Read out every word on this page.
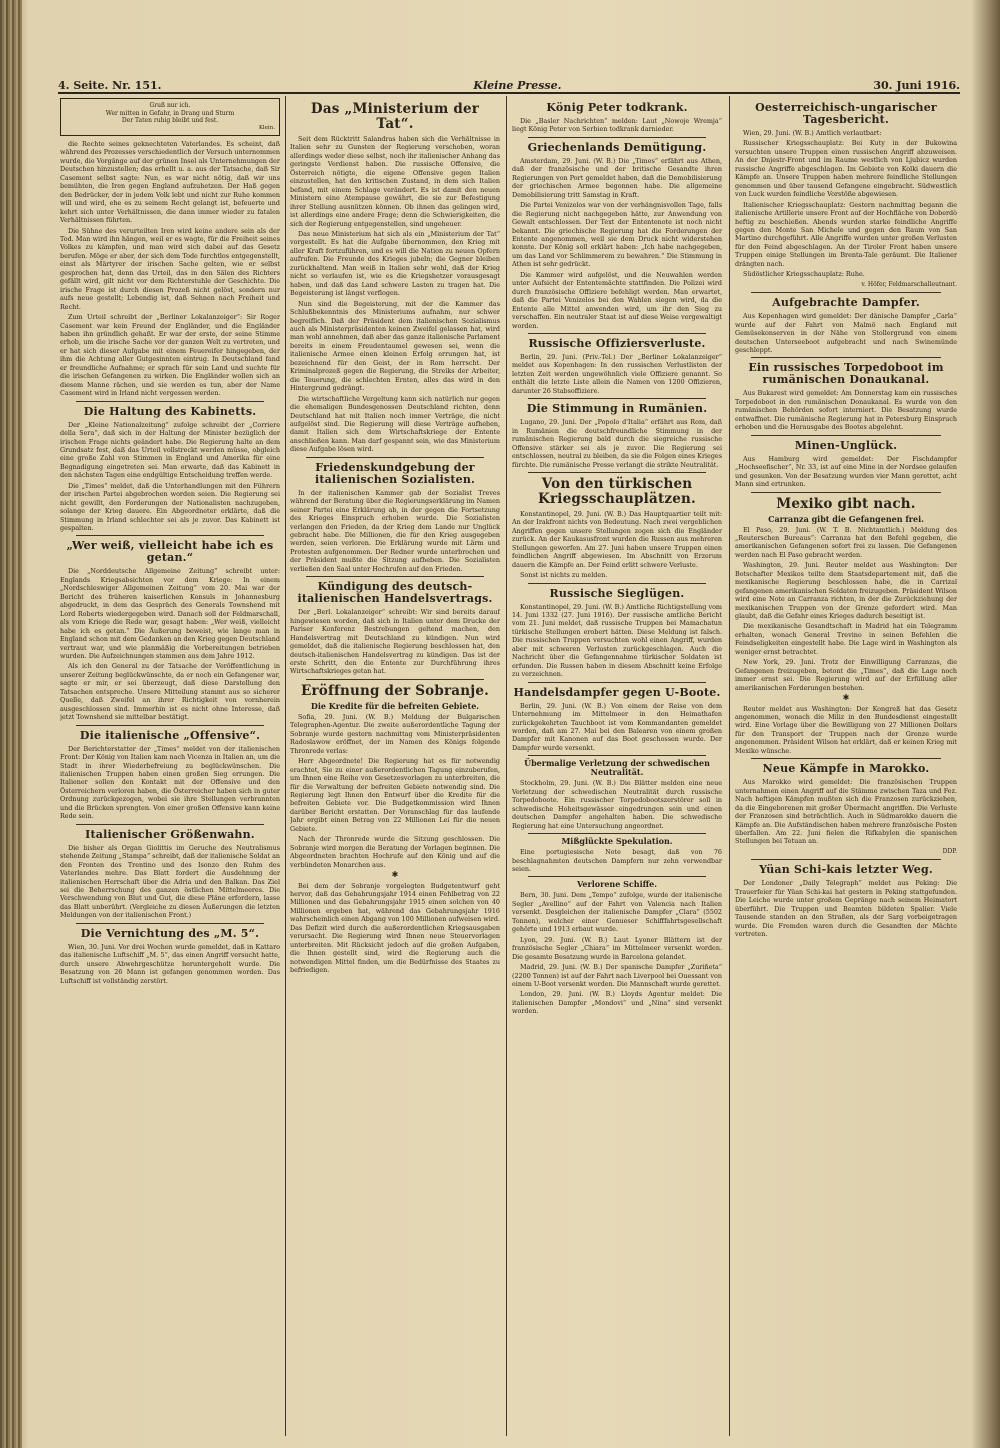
4. Seite. Nr. 151.	Kleine Presse.	30. Juni 1916.
Gruß nur ich.
Wer mitten in Gefahr, in Drang und Sturm
Der Taten ruhig bleibt und fest.
Klein.

die Rechte seines geknechteten Vaterlandes. Es scheint, daß während des Prozesses verschiedentlich der Versuch unternommen wurde, die Vorgänge auf der grünen Insel als Unternehmungen der Deutschen hinzustellen; das erhellt u. a. aus der Tatsache, daß Sir Casement selbst sagte: Nun, es war nicht nötig, daß wir uns bemühten, die Iren gegen England aufzuhetzen. Der Haß gegen den Bedrücker, der in jedem Volk lebt und nicht zur Ruhe kommen will und wird, ehe es zu seinem Recht gelangt ist, befeuerte und kehrt sich unter Verhältnissen, die dann immer wieder zu fatalen Verhältnissen führten.

Die Sühne des verurteilten Iren wird keine andere sein als der Tod. Man wird ihn hängen, weil er es wagte, für die Freiheit seines Volkes zu kämpfen, und man wird sich dabei auf das Gesetz berufen. Möge er aber, der sich dem Tode furchtlos entgegenstellt, einst als Märtyrer der irischen Sache gelten, wie er selbst gesprochen hat, denn das Urteil, das in den Sälen des Richters gefällt wird, gilt nicht vor dem Richterstuhle der Geschichte. Die irische Frage ist durch diesen Prozeß nicht gelöst, sondern nur aufs neue gestellt; Lebendig ist, daß Sehnen nach Freiheit und Recht.

Zum Urteil schreibt der „Berliner Lokalanzeiger“: Sir Roger Casement war kein Freund der Engländer, und die Engländer haben ihn gründlich gehaßt. Er war der erste, der seine Stimme erhob, um die irische Sache vor der ganzen Welt zu vertreten, und er hat sich dieser Aufgabe mit einem Feuereifer hingegeben, der ihm die Achtung aller Gutgesinnten eintrug. In Deutschland fand er freundliche Aufnahme; er sprach für sein Land und suchte für die irischen Gefangenen zu wirken. Die Engländer wollen sich an diesem Manne rächen, und sie werden es tun, aber der Name Casement wird in Irland nicht vergessen werden.

Die Haltung des Kabinetts.

Der „Kleine Nationalzeitung“ zufolge schreibt der „Corriere della Sera“, daß sich in der Haltung der Minister bezüglich der irischen Frage nichts geändert habe. Die Regierung halte an dem Grundsatz fest, daß das Urteil vollstreckt werden müsse, obgleich eine große Zahl von Stimmen in England und Amerika für eine Begnadigung eingetreten sei. Man erwarte, daß das Kabinett in den nächsten Tagen eine endgültige Entscheidung treffen werde.

Die „Times“ meldet, daß die Unterhandlungen mit den Führern der irischen Partei abgebrochen worden seien. Die Regierung sei nicht gewillt, den Forderungen der Nationalisten nachzugeben, solange der Krieg dauere. Ein Abgeordneter erklärte, daß die Stimmung in Irland schlechter sei als je zuvor. Das Kabinett ist gespalten.

„Wer weiß, vielleicht habe ich es getan.“

Die „Norddeutsche Allgemeine Zeitung“ schreibt unter: Englands Kriegsabsichten vor dem Kriege: In einem „Nordschleswiger Allgemeinen Zeitung“ vom 20. Mai war der Bericht des früheren kaiserlichen Konsuls in Johannesburg abgedruckt, in dem das Gespräch des Generals Townshend mit Lord Roberts wiedergegeben wird. Danach soll der Feldmarschall, als vom Kriege die Rede war, gesagt haben: „Wer weiß, vielleicht habe ich es getan.“ Die Äußerung beweist, wie lange man in England schon mit dem Gedanken an den Krieg gegen Deutschland vertraut war, und wie planmäßig die Vorbereitungen betrieben wurden. Die Aufzeichnungen stammen aus dem Jahre 1912.

Als ich den General zu der Tatsache der Veröffentlichung in unserer Zeitung beglückwünschte, da er noch ein Gefangener war, sagte er mir, er sei überzeugt, daß diese Darstellung den Tatsachen entspreche. Unsere Mitteilung stammt aus so sicherer Quelle, daß Zweifel an ihrer Richtigkeit von vornherein ausgeschlossen sind. Immerhin ist es nicht ohne Interesse, daß jetzt Townshend sie mittelbar bestätigt.

Die italienische „Offensive“.

Der Berichterstatter der „Times“ meldet von der italienischen Front: Der König von Italien kam nach Vicenza in Italien an, um die Stadt in ihrer Wiederbefreiung zu beglückwünschen. Die italienischen Truppen haben einen großen Sieg errungen. Die Italiener sollen den Kontakt mit der Offensive und den Österreichern verloren haben, die Österreicher haben sich in guter Ordnung zurückgezogen, wobei sie ihre Stellungen verbrannten und die Brücken sprengten. Von einer großen Offensive kann keine Rede sein.

Italienischer Größenwahn.

Die bisher als Organ Giolittis im Geruche des Neutralismus stehende Zeitung „Stampa“ schreibt, daß der italienische Soldat an den Fronten des Trentino und des Isonzo den Ruhm des Vaterlandes mehre. Das Blatt fordert die Ausdehnung der italienischen Herrschaft über die Adria und den Balkan. Das Ziel sei die Beherrschung des ganzen östlichen Mittelmeeres. Die Verschwendung von Blut und Gut, die diese Pläne erfordern, lasse das Blatt unberührt. (Vergleiche zu diesen Äußerungen die letzten Meldungen von der italienischen Front.)

Die Vernichtung des „M. 5“.

Wien, 30. Juni. Vor drei Wochen wurde gemeldet, daß in Kattaro das italienische Luftschiff „M. 5“, das einen Angriff versucht hatte, durch unsere Abwehrgeschütze heruntergeholt wurde. Die Besatzung von 26 Mann ist gefangen genommen worden. Das Luftschiff ist vollständig zerstört.

Das „Ministerium der Tat“.

Seit dem Rücktritt Salandras haben sich die Verhältnisse in Italien sehr zu Gunsten der Regierung verschoben, woran allerdings weder diese selbst, noch ihr italienischer Anhang das geringste Verdienst haben. Die russische Offensive, die Österreich nötigte, die eigene Offensive gegen Italien einzustellen, hat den kritischen Zustand, in dem sich Italien befand, mit einem Schlage verändert. Es ist damit den neuen Ministern eine Atempause gewährt, die sie zur Befestigung ihrer Stellung ausnützen können. Ob ihnen das gelingen wird, ist allerdings eine andere Frage; denn die Schwierigkeiten, die sich der Regierung entgegenstellen, sind ungeheuer.

Das neue Ministerium hat sich als ein „Ministerium der Tat“ vorgestellt. Es hat die Aufgabe übernommen, den Krieg mit aller Kraft fortzuführen, und es will die Nation zu neuen Opfern aufrufen. Die Freunde des Krieges jubeln; die Gegner bleiben zurückhaltend. Man weiß in Italien sehr wohl, daß der Krieg nicht so verlaufen ist, wie es die Kriegshetzer vorausgesagt haben, und daß das Land schwere Lasten zu tragen hat. Die Begeisterung ist längst verflogen.

Nun sind die Begeisterung, mit der die Kammer das Schlußbekenntnis des Ministeriums aufnahm, nur schwer begreiflich. Daß der Präsident dem italienischen Sozialismus auch als Ministerpräsidenten keinen Zweifel gelassen hat, wird man wohl annehmen, daß aber das ganze italienische Parlament bereits in einem Freudentaumel gewesen sei, wenn die italienische Armee einen kleinen Erfolg errungen hat, ist bezeichnend für den Geist, der in Rom herrscht. Der Kriminalprozeß gegen die Regierung, die Streiks der Arbeiter, die Teuerung, die schlechten Ernten, alles das wird in den Hintergrund gedrängt.

Die wirtschaftliche Vergeltung kann sich natürlich nur gegen die ehemaligen Bundesgenossen Deutschland richten, denn Deutschland hat mit Italien noch immer Verträge, die nicht aufgelöst sind. Die Regierung will diese Verträge aufheben, damit Italien sich dem Wirtschaftskriege der Entente anschließen kann. Man darf gespannt sein, wie das Ministerium diese Aufgabe lösen wird.

Friedenskundgebung der italienischen Sozialisten.

In der italienischen Kammer gab der Sozialist Treves während der Beratung über die Regierungserklärung im Namen seiner Partei eine Erklärung ab, in der gegen die Fortsetzung des Krieges Einspruch erhoben wurde. Die Sozialisten verlangen den Frieden, da der Krieg dem Lande nur Unglück gebracht habe. Die Millionen, die für den Krieg ausgegeben werden, seien verloren. Die Erklärung wurde mit Lärm und Protesten aufgenommen. Der Redner wurde unterbrochen und der Präsident mußte die Sitzung aufheben. Die Sozialisten verließen den Saal unter Hochrufen auf den Frieden.

Kündigung des deutsch-italienischen Handelsvertrags.

Der „Berl. Lokalanzeiger“ schreibt: Wir sind bereits darauf hingewiesen worden, daß sich in Italien unter dem Drucke der Pariser Konferenz Bestrebungen geltend machen, den Handelsvertrag mit Deutschland zu kündigen. Nun wird gemeldet, daß die italienische Regierung beschlossen hat, den deutsch-italienischen Handelsvertrag zu kündigen. Das ist der erste Schritt, den die Entente zur Durchführung ihres Wirtschaftskrieges getan hat.

Eröffnung der Sobranje.
Die Kredite für die befreiten Gebiete.

Sofia, 29. Juni. (W. B.) Meldung der Bulgarischen Telegraphen-Agentur. Die zweite außerordentliche Tagung der Sobranje wurde gestern nachmittag vom Ministerpräsidenten Radoslawow eröffnet, der im Namen des Königs folgende Thronrede verlas:

Herr Abgeordnete! Die Regierung hat es für notwendig erachtet, Sie zu einer außerordentlichen Tagung einzuberufen, um Ihnen eine Reihe von Gesetzesvorlagen zu unterbreiten, die für die Verwaltung der befreiten Gebiete notwendig sind. Die Regierung legt Ihnen den Entwurf über die Kredite für die befreiten Gebiete vor. Die Budgetkommission wird Ihnen darüber Bericht erstatten. Der Voranschlag für das laufende Jahr ergibt einen Betrag von 22 Millionen Lei für die neuen Gebiete.

Nach der Thronrede wurde die Sitzung geschlossen. Die Sobranje wird morgen die Beratung der Vorlagen beginnen. Die Abgeordneten brachten Hochrufe auf den König und auf die verbündeten Monarchen aus.

✱

Bei dem der Sobranje vorgelegten Budgetentwurf geht hervor, daß das Gebahrungsjahr 1914 einen Fehlbetrag von 22 Millionen und das Gebahrungsjahr 1915 einen solchen von 40 Millionen ergeben hat, während das Gebahrungsjahr 1916 wahrscheinlich einen Abgang von 100 Millionen aufweisen wird. Das Defizit wird durch die außerordentlichen Kriegsausgaben verursacht. Die Regierung wird Ihnen neue Steuervorlagen unterbreiten. Mit Rücksicht jedoch auf die großen Aufgaben, die Ihnen gestellt sind, wird die Regierung auch die notwendigen Mittel finden, um die Bedürfnisse des Staates zu befriedigen.

König Peter todkrank.

Die „Basler Nachrichten“ melden: Laut „Nowoje Wremja“ liegt König Peter von Serbien todkrank darnieder.

Griechenlands Demütigung.

Amsterdam, 29. Juni. (W. B.) Die „Times“ erfährt aus Athen, daß der französische und der britische Gesandte ihren Regierungen von Port gemeldet haben, daß die Demobilisierung der griechischen Armee begonnen habe. Die allgemeine Demobilisierung tritt Samstag in Kraft.

Die Partei Venizelos war von der verhängnisvollen Tage, falls die Regierung nicht nachgegeben hätte, zur Anwendung von Gewalt entschlossen. Der Text der Ententenote ist noch nicht bekannt. Die griechische Regierung hat die Forderungen der Entente angenommen, weil sie dem Druck nicht widerstehen konnte. Der König soll erklärt haben: „Ich habe nachgegeben, um das Land vor Schlimmerem zu bewahren.“ Die Stimmung in Athen ist sehr gedrückt.

Die Kammer wird aufgelöst, und die Neuwahlen werden unter Aufsicht der Ententemächte stattfinden. Die Polizei wird durch französische Offiziere befehligt werden. Man erwartet, daß die Partei Venizelos bei den Wahlen siegen wird, da die Entente alle Mittel anwenden wird, um ihr den Sieg zu verschaffen. Ein neutraler Staat ist auf diese Weise vergewaltigt worden.

Russische Offiziersverluste.

Berlin, 29. Juni. (Priv.-Tel.) Der „Berliner Lokalanzeiger“ meldet aus Kopenhagen: In den russischen Verlustlisten der letzten Zeit werden ungewöhnlich viele Offiziere genannt. So enthält die letzte Liste allein die Namen von 1200 Offizieren, darunter 26 Stabsoffiziere.

Die Stimmung in Rumänien.

Lugano, 29. Juni. Der „Popolo d'Italia“ erfährt aus Rom, daß in Rumänien die deutschfreundliche Stimmung in der rumänischen Regierung bald durch die siegreiche russische Offensive stärker sei als je zuvor. Die Regierung sei entschlossen, neutral zu bleiben, da sie die Folgen eines Krieges fürchte. Die rumänische Presse verlangt die strikte Neutralität.

Von den türkischen Kriegsschauplätzen.

Konstantinopel, 29. Juni. (W. B.) Das Hauptquartier teilt mit: An der Irakfront nichts von Bedeutung. Nach zwei vergeblichen Angriffen gegen unsere Stellungen zogen sich die Engländer zurück. An der Kaukasusfront wurden die Russen aus mehreren Stellungen geworfen. Am 27. Juni haben unsere Truppen einen feindlichen Angriff abgewiesen. Im Abschnitt von Erzerum dauern die Kämpfe an. Der Feind erlitt schwere Verluste.

Sonst ist nichts zu melden.

Russische Sieglügen.

Konstantinopel, 29. Juni. (W. B.) Amtliche Richtigstellung vom 14. Juni 1332 (27. Juni 1916). Der russische amtliche Bericht vom 21. Juni meldet, daß russische Truppen bei Mamachatun türkische Stellungen erobert hätten. Diese Meldung ist falsch. Die russischen Truppen versuchten wohl einen Angriff, wurden aber mit schweren Verlusten zurückgeschlagen. Auch die Nachricht über die Gefangennahme türkischer Soldaten ist erfunden. Die Russen haben in diesem Abschnitt keine Erfolge zu verzeichnen.

Handelsdampfer gegen U-Boote.

Berlin, 29. Juni. (W. B.) Von einem der Reise von dem Unternehmung im Mittelmeer in den Heimathafen zurückgekehrten Tauchboot ist vom Kommandanten gemeldet worden, daß am 27. Mai bei den Balearen von einem großen Dampfer mit Kanonen auf das Boot geschossen wurde. Der Dampfer wurde versenkt.

Übermalige Verletzung der schwedischen Neutralität.

Stockholm, 29. Juni. (W. B.) Die Blätter melden eine neue Verletzung der schwedischen Neutralität durch russische Torpedoboote. Ein russischer Torpedobootszerstörer soll in schwedische Hoheitsgewässer eingedrungen sein und einen deutschen Dampfer angehalten haben. Die schwedische Regierung hat eine Untersuchung angeordnet.

Mißglückte Spekulation.

Eine portugiesische Note besagt, daß von 76 beschlagnahmten deutschen Dampfern nur zehn verwendbar seien.

Verlorene Schiffe.

Bern, 30. Juni. Dem „Tempo“ zufolge, wurde der italienische Segler „Avellino“ auf der Fahrt von Valencia nach Italien versenkt. Desgleichen der italienische Dampfer „Clara“ (5502 Tonnen), welcher einer Genueser Schifffahrtsgesellschaft gehörte und 1913 erbaut wurde.

Lyon, 29. Juni. (W. B.) Laut Lyoner Blättern ist der französische Segler „Chiara“ im Mittelmeer versenkt worden. Die gesamte Besatzung wurde in Barcelona gelandet.

Madrid, 29. Juni. (W. B.) Der spanische Dampfer „Zuriñeta“ (2200 Tonnen) ist auf der Fahrt nach Liverpool bei Ouessant von einem U-Boot versenkt worden. Die Mannschaft wurde gerettet.

London, 29. Juni. (W. B.) Lloyds Agentur meldet: Die italienischen Dampfer „Mondovi“ und „Nina“ sind versenkt worden.

Oesterreichisch-ungarischer Tagesbericht.

Wien, 29. Juni. (W. B.) Amtlich verlautbart:

Russischer Kriegsschauplatz: Bei Kuty in der Bukowina versuchten unsere Truppen einen russischen Angriff abzuweisen. An der Dnjestr-Front und im Raume westlich von Ljubicz wurden russische Angriffe abgeschlagen. Im Gebiete von Kolki dauern die Kämpfe an. Unsere Truppen haben mehrere feindliche Stellungen genommen und über tausend Gefangene eingebracht. Südwestlich von Luck wurden feindliche Vorstöße abgewiesen.

Italienischer Kriegsschauplatz: Gestern nachmittag begann die italienische Artillerie unsere Front auf der Hochfläche von Doberdò heftig zu beschießen. Abends wurden starke feindliche Angriffe gegen den Monte San Michele und gegen den Raum von San Martino durchgeführt. Alle Angriffe wurden unter großen Verlusten für den Feind abgeschlagen. An der Tiroler Front haben unsere Truppen einige Stellungen im Brenta-Tale geräumt. Die Italiener drängten nach.

Südöstlicher Kriegsschauplatz: Ruhe.

v. Höfer, Feldmarschalleutnant.
Aufgebrachte Dampfer.

Aus Kopenhagen wird gemeldet: Der dänische Dampfer „Carla“ wurde auf der Fahrt von Malmö nach England mit Gemüsekonserven in der Nähe von Stollergrund von einem deutschen Unterseeboot aufgebracht und nach Swinemünde geschleppt.

Ein russisches Torpedoboot im rumänischen Donaukanal.

Aus Bukarest wird gemeldet: Am Donnerstag kam ein russisches Torpedoboot in den rumänischen Donaukanal. Es wurde von den rumänischen Behörden sofort interniert. Die Besatzung wurde entwaffnet. Die rumänische Regierung hat in Petersburg Einspruch erhoben und die Herausgabe des Bootes abgelehnt.

Minen-Unglück.

Aus Hamburg wird gemeldet: Der Fischdampfer „Hochseefischer“, Nr. 33, ist auf eine Mine in der Nordsee gelaufen und gesunken. Von der Besatzung wurden vier Mann gerettet, acht Mann sind ertrunken.

Mexiko gibt nach.
Carranza gibt die Gefangenen frei.

El Paso, 29. Juni. (W. T. B. Nichtamtlich.) Meldung des „Reuterschen Bureaus“: Carranza hat den Befehl gegeben, die amerikanischen Gefangenen sofort frei zu lassen. Die Gefangenen werden nach El Paso gebracht werden.

Washington, 29. Juni. Reuter meldet aus Washington: Der Botschafter Mexikos teilte dem Staatsdepartement mit, daß die mexikanische Regierung beschlossen habe, die in Carrizal gefangenen amerikanischen Soldaten freizugeben. Präsident Wilson wird eine Note an Carranza richten, in der die Zurückziehung der mexikanischen Truppen von der Grenze gefordert wird. Man glaubt, daß die Gefahr eines Krieges dadurch beseitigt ist.

Die mexikanische Gesandtschaft in Madrid hat ein Telegramm erhalten, wonach General Trevino in seinen Befehlen die Feindseligkeiten eingestellt habe. Die Lage wird in Washington als weniger ernst betrachtet.

New York, 29. Juni. Trotz der Einwilligung Carranzas, die Gefangenen freizugeben, betont die „Times“, daß die Lage noch immer ernst sei. Die Regierung wird auf der Erfüllung aller amerikanischen Forderungen bestehen.

✱

Reuter meldet aus Washington: Der Kongreß hat das Gesetz angenommen, wonach die Miliz in den Bundesdienst eingestellt wird. Eine Vorlage über die Bewilligung von 27 Millionen Dollars für den Transport der Truppen nach der Grenze wurde angenommen. Präsident Wilson hat erklärt, daß er keinen Krieg mit Mexiko wünsche.

Neue Kämpfe in Marokko.

Aus Marokko wird gemeldet: Die französischen Truppen unternahmen einen Angriff auf die Stämme zwischen Taza und Fez. Nach heftigen Kämpfen mußten sich die Franzosen zurückziehen, da die Eingeborenen mit großer Übermacht angriffen. Die Verluste der Franzosen sind beträchtlich. Auch in Südmarokko dauern die Kämpfe an. Die Aufständischen haben mehrere französische Posten überfallen. Am 22. Juni fielen die Rifkabylen die spanischen Stellungen bei Tetuan an.

DDP.
Yüan Schi-kais letzter Weg.

Der Londoner „Daily Telegraph“ meldet aus Peking: Die Trauerfeier für Yüan Schi-kai hat gestern in Peking stattgefunden. Die Leiche wurde unter großem Gepränge nach seinem Heimatort überführt. Die Truppen und Beamten bildeten Spalier. Viele Tausende standen an den Straßen, als der Sarg vorbeigetragen wurde. Die Fremden waren durch die Gesandten der Mächte vertreten.
